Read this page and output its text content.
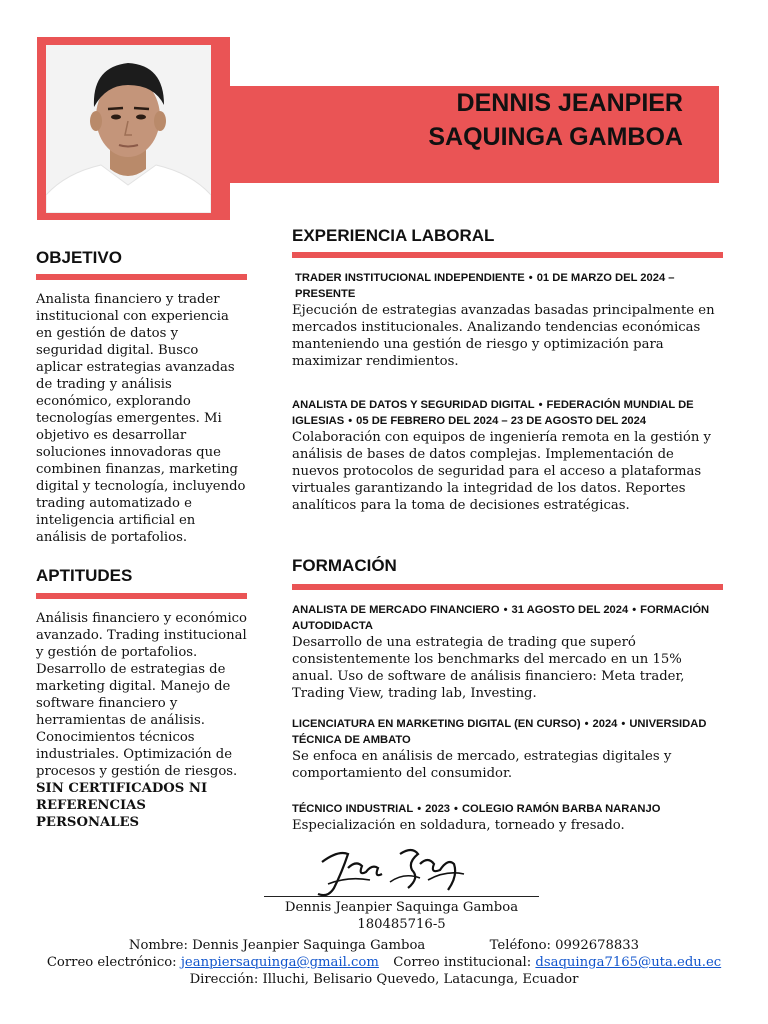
DENNIS JEANPIER
SAQUINGA GAMBOA
OBJETIVO

Analista financiero y trader institucional con experiencia en gestión de datos y seguridad digital. Busco aplicar estrategias avanzadas de trading y análisis económico, explorando tecnologías emergentes. Mi objetivo es desarrollar soluciones innovadoras que combinen finanzas, marketing digital y tecnología, incluyendo trading automatizado e inteligencia artificial en análisis de portafolios.

APTITUDES

Análisis financiero y económico avanzado. Trading institucional y gestión de portafolios. Desarrollo de estrategias de marketing digital. Manejo de software financiero y herramientas de análisis. Conocimientos técnicos industriales. Optimización de procesos y gestión de riesgos.

SIN CERTIFICADOS NI REFERENCIAS PERSONALES

EXPERIENCIA LABORAL
TRADER INSTITUCIONAL INDEPENDIENTE • 01 DE MARZO DEL 2024 – PRESENTE

Ejecución de estrategias avanzadas basadas principalmente en mercados institucionales. Analizando tendencias económicas manteniendo una gestión de riesgo y optimización para maximizar rendimientos.

ANALISTA DE DATOS Y SEGURIDAD DIGITAL • FEDERACIÓN MUNDIAL DE IGLESIAS • 05 DE FEBRERO DEL 2024 – 23 DE AGOSTO DEL 2024

Colaboración con equipos de ingeniería remota en la gestión y análisis de bases de datos complejas. Implementación de nuevos protocolos de seguridad para el acceso a plataformas virtuales garantizando la integridad de los datos. Reportes analíticos para la toma de decisiones estratégicas.

FORMACIÓN
ANALISTA DE MERCADO FINANCIERO • 31 AGOSTO DEL 2024 • FORMACIÓN AUTODIDACTA

Desarrollo de una estrategia de trading que superó consistentemente los benchmarks del mercado en un 15% anual. Uso de software de análisis financiero: Meta trader, Trading View, trading lab, Investing.

LICENCIATURA EN MARKETING DIGITAL (EN CURSO) • 2024 • UNIVERSIDAD TÉCNICA DE AMBATO

Se enfoca en análisis de mercado, estrategias digitales y comportamiento del consumidor.

TÉCNICO INDUSTRIAL • 2023 • COLEGIO RAMÓN BARBA NARANJO

Especialización en soldadura, torneado y fresado.

Dennis Jeanpier Saquinga Gamboa
180485716-5
Nombre: Dennis Jeanpier Saquinga Gamboa	Teléfono: 0992678833
Correo electrónico: jeanpiersaquinga@gmail.com Correo institucional: dsaquinga7165@uta.edu.ec
Dirección: Illuchi, Belisario Quevedo, Latacunga, Ecuador
